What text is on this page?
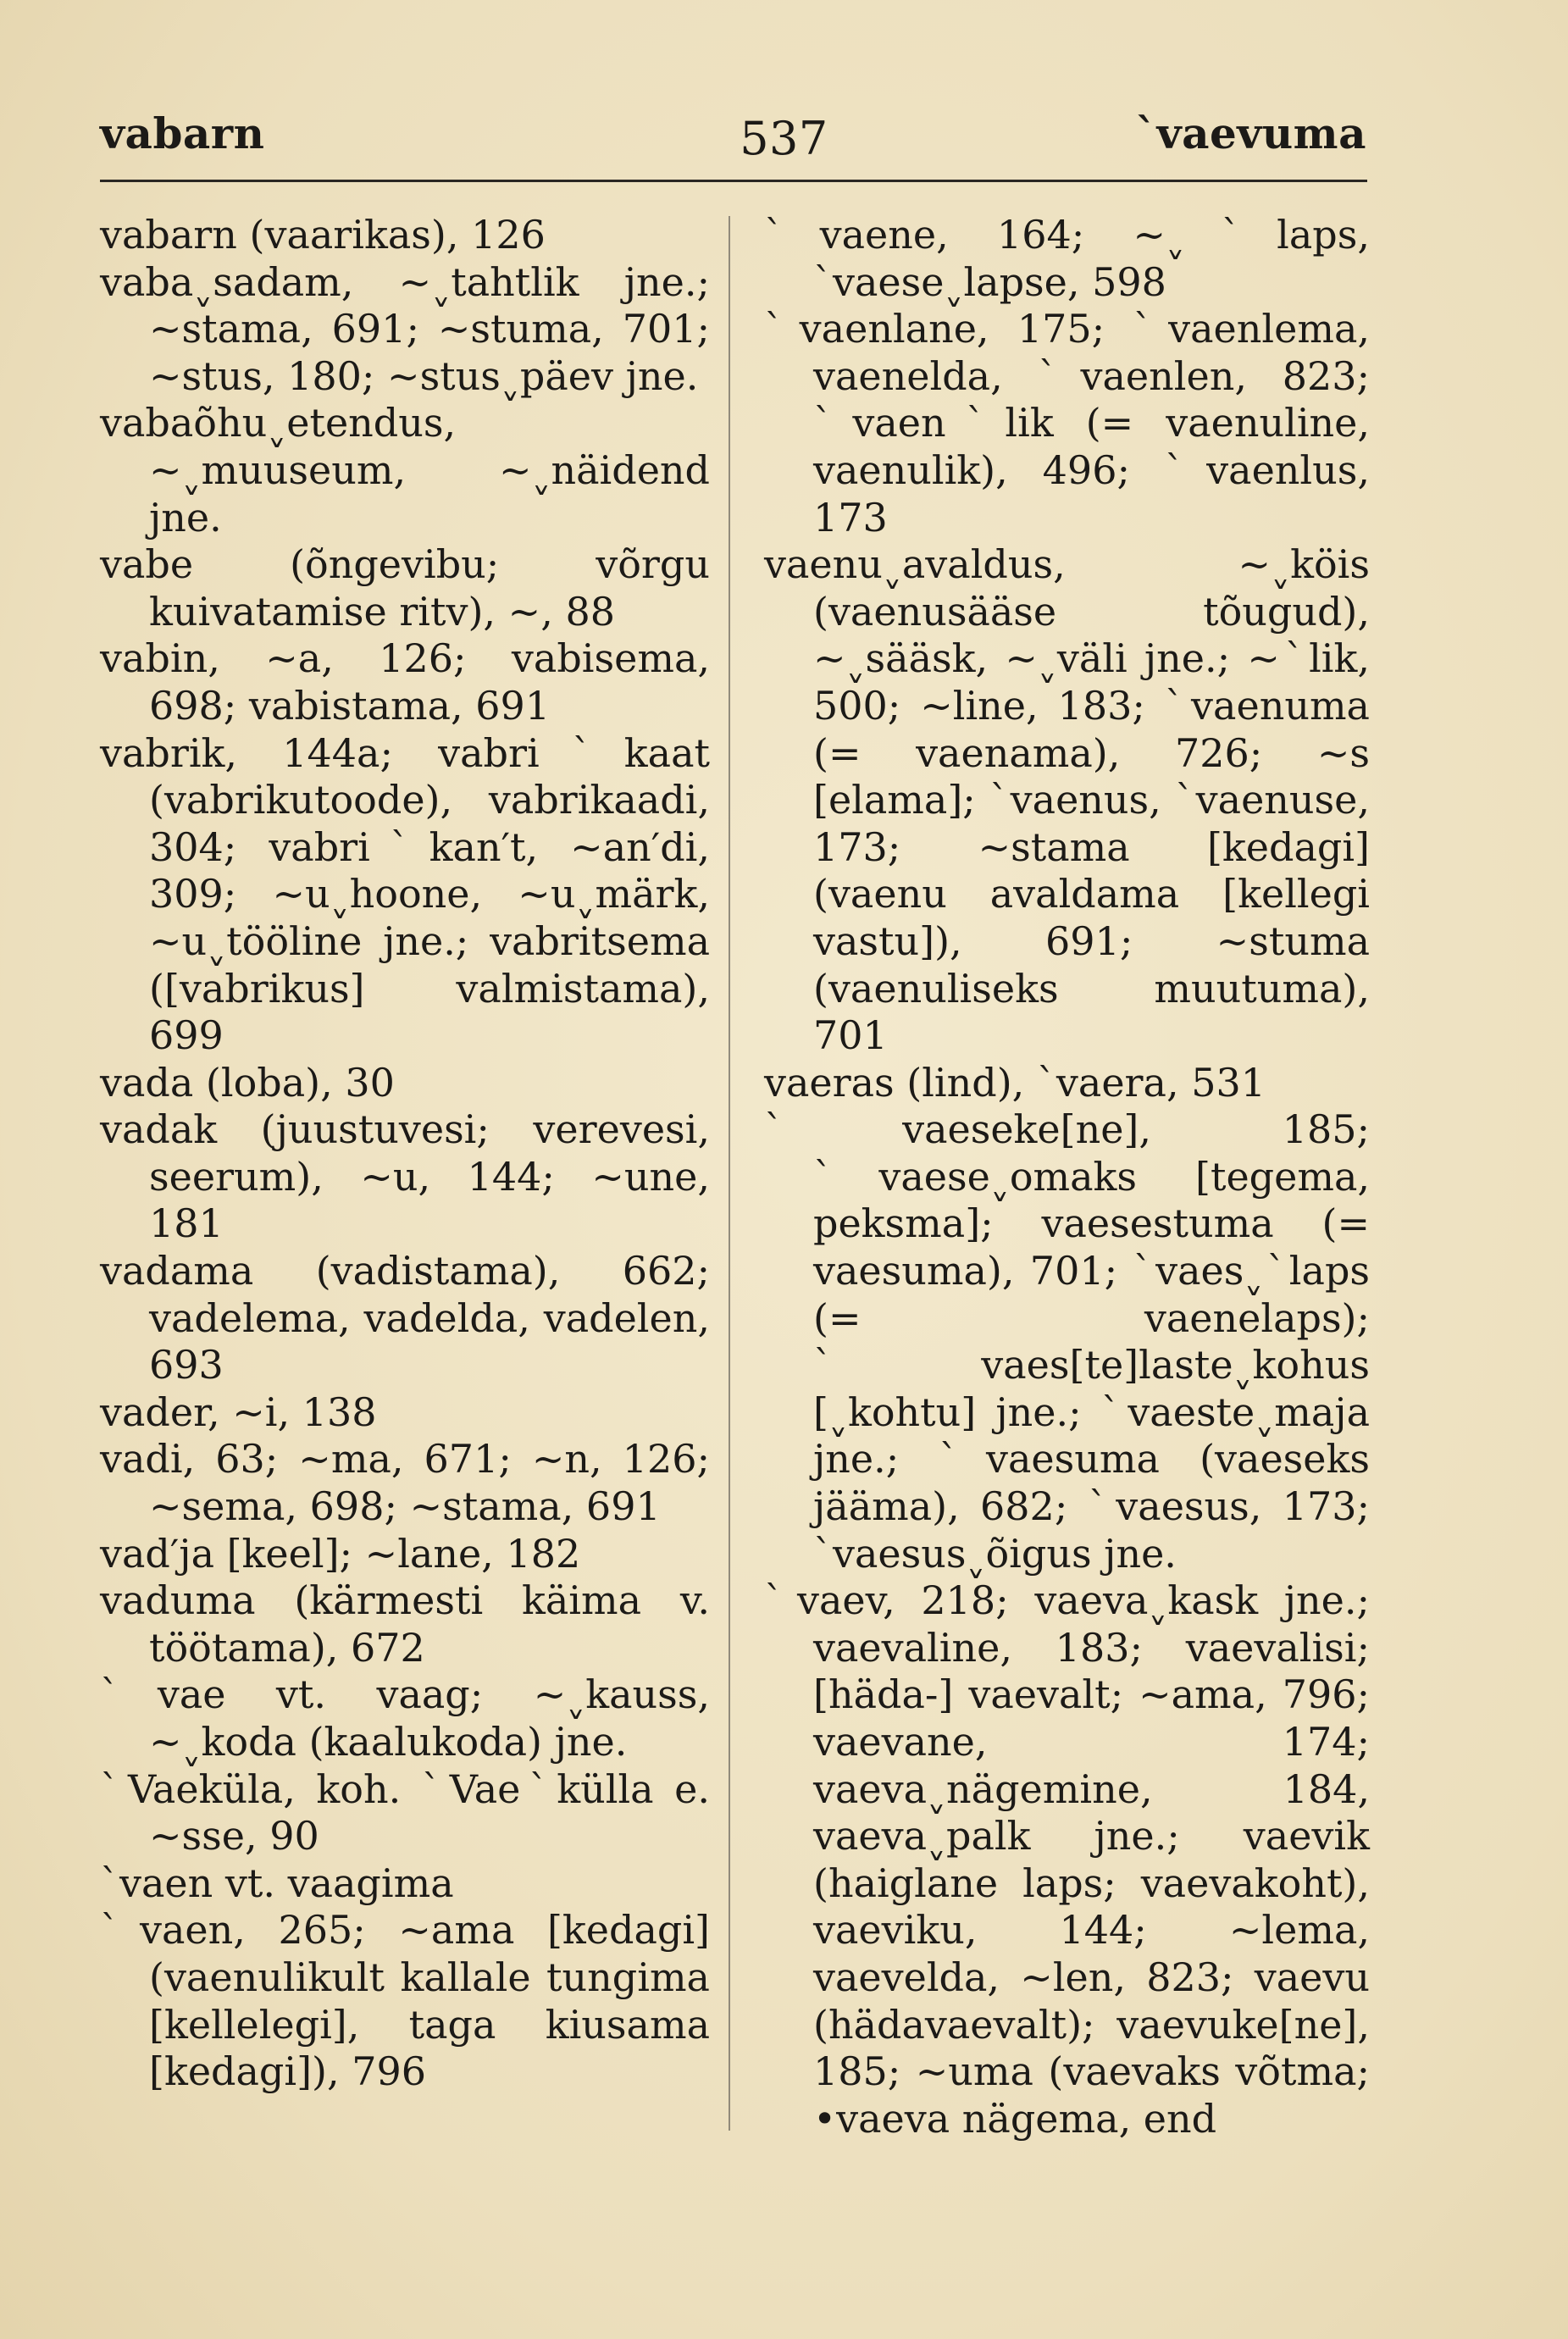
vabarn	537	ˋvaevuma

vabarn (vaarikas), 126

vabaˬsadam, ~ˬtahtlik jne.; ~stama, 691; ~stuma, 701; ~stus, 180; ~stusˬpäev jne.

vabaõhuˬetendus, ~ˬmuuseum, ~ˬnäidend jne.

vabe (õngevibu; võrgu kuivatamise ritv), ~, 88

vabin, ~a, 126; vabisema, 698; vabistama, 691

vabrik, 144a; vabriˋkaat (vabrikutoode), vabrikaadi, 304; vabriˋkan′t, ~an′di, 309; ~uˬhoone, ~uˬmärk, ~uˬtööline jne.; vabritsema ([vabrikus] valmistama), 699

vada (loba), 30

vadak (juustuvesi; verevesi, seerum), ~u, 144; ~une, 181

vadama (vadistama), 662; vadelema, vadelda, vadelen, 693

vader, ~i, 138

vadi, 63; ~ma, 671; ~n, 126; ~sema, 698; ~stama, 691

vad′ja [keel]; ~lane, 182

vaduma (kärmesti käima v. töötama), 672

ˋvae vt. vaag; ~ˬkauss, ~ˬkoda (kaalukoda) jne.

ˋVaeküla, koh. ˋVaeˋkülla e. ~sse, 90

ˋvaen vt. vaagima

ˋvaen, 265; ~ama [kedagi] (vaenulikult kallale tungima [kellelegi], taga kiusama [kedagi]), 796

ˋvaene, 164; ~ˬˋlaps, ˋvaeseˬlapse, 598

ˋvaenlane, 175; ˋvaenlema, vaenelda, ˋvaenlen, 823; ˋvaenˋlik (= vaenuline, vaenulik), 496; ˋvaenlus, 173

vaenuˬavaldus, ~ˬköis (vaenusääse tõugud), ~ˬsääsk, ~ˬväli jne.; ~ˋlik, 500; ~line, 183; ˋvaenuma (= vaenama), 726; ~s [elama]; ˋvaenus, ˋvaenuse, 173; ~stama [kedagi] (vaenu avaldama [kellegi vastu]), 691; ~stuma (vaenuliseks muutuma), 701

vaeras (lind), ˋvaera, 531

ˋvaeseke[ne], 185; ˋvaeseˬomaks [tegema, peksma]; vaesestuma (= vaesuma), 701; ˋvaesˬˋlaps (= vaenelaps); ˋvaes[te]lasteˬkohus [ˬkohtu] jne.; ˋvaesteˬmaja jne.; ˋvaesuma (vaeseks jääma), 682; ˋvaesus, 173; ˋvaesusˬõigus jne.

ˋvaev, 218; vaevaˬkask jne.; vaevaline, 183; vaevalisi; [häda-] vaevalt; ~ama, 796; vaevane, 174; vaevaˬnägemine, 184, vaevaˬpalk jne.; vaevik (haiglane laps; vaevakoht), vaeviku, 144; ~lema, vaevelda, ~len, 823; vaevu (hädavaevalt); vaevuke[ne], 185; ~uma (vaevaks võtma; •vaeva nägema, end
